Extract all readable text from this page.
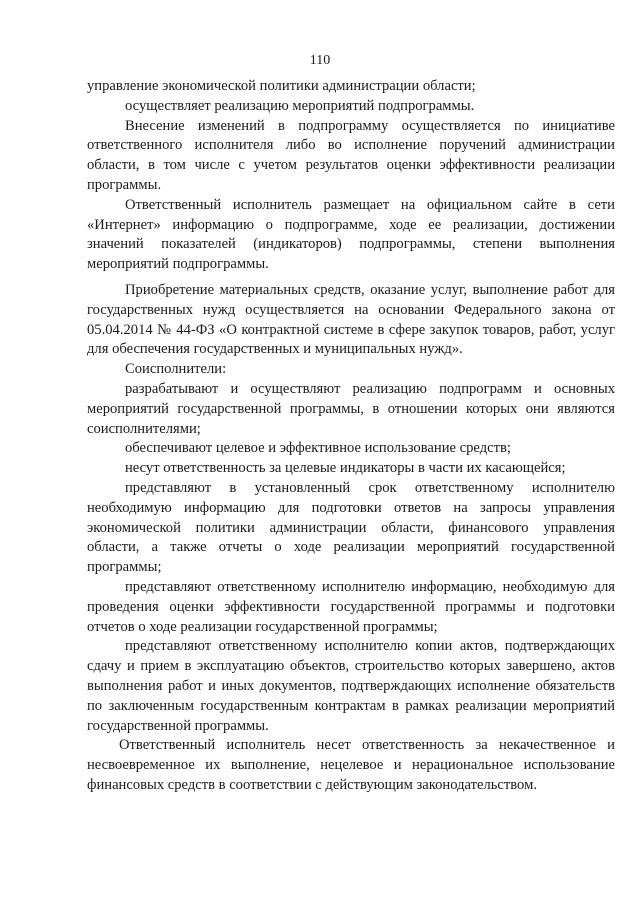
110

управление экономической политики администрации области;

осуществляет реализацию мероприятий подпрограммы.

Внесение изменений в подпрограмму осуществляется по инициативе ответственного исполнителя либо во исполнение поручений администрации области, в том числе с учетом результатов оценки эффективности реализации программы.

Ответственный исполнитель размещает на официальном сайте в сети «Интернет» информацию о подпрограмме, ходе ее реализации, достижении значений показателей (индикаторов) подпрограммы, степени выполнения мероприятий подпрограммы.

Приобретение материальных средств, оказание услуг, выполнение работ для государственных нужд осуществляется на основании Федерального закона от 05.04.2014 № 44-ФЗ «О контрактной системе в сфере закупок товаров, работ, услуг для обеспечения государственных и муниципальных нужд».

Соисполнители:

разрабатывают и осуществляют реализацию подпрограмм и основных мероприятий государственной программы, в отношении которых они являются соисполнителями;

обеспечивают целевое и эффективное использование средств;

несут ответственность за целевые индикаторы в части их касающейся;

представляют в установленный срок ответственному исполнителю необходимую информацию для подготовки ответов на запросы управления экономической политики администрации области, финансового управления области, а также отчеты о ходе реализации мероприятий государственной программы;

представляют ответственному исполнителю информацию, необходимую для проведения оценки эффективности государственной программы и подготовки отчетов о ходе реализации государственной программы;

представляют ответственному исполнителю копии актов, подтверждающих сдачу и прием в эксплуатацию объектов, строительство которых завершено, актов выполнения работ и иных документов, подтверждающих исполнение обязательств по заключенным государственным контрактам в рамках реализации мероприятий государственной программы.

Ответственный исполнитель несет ответственность за некачественное и несвоевременное их выполнение, нецелевое и нерациональное использование финансовых средств в соответствии с действующим законодательством.
